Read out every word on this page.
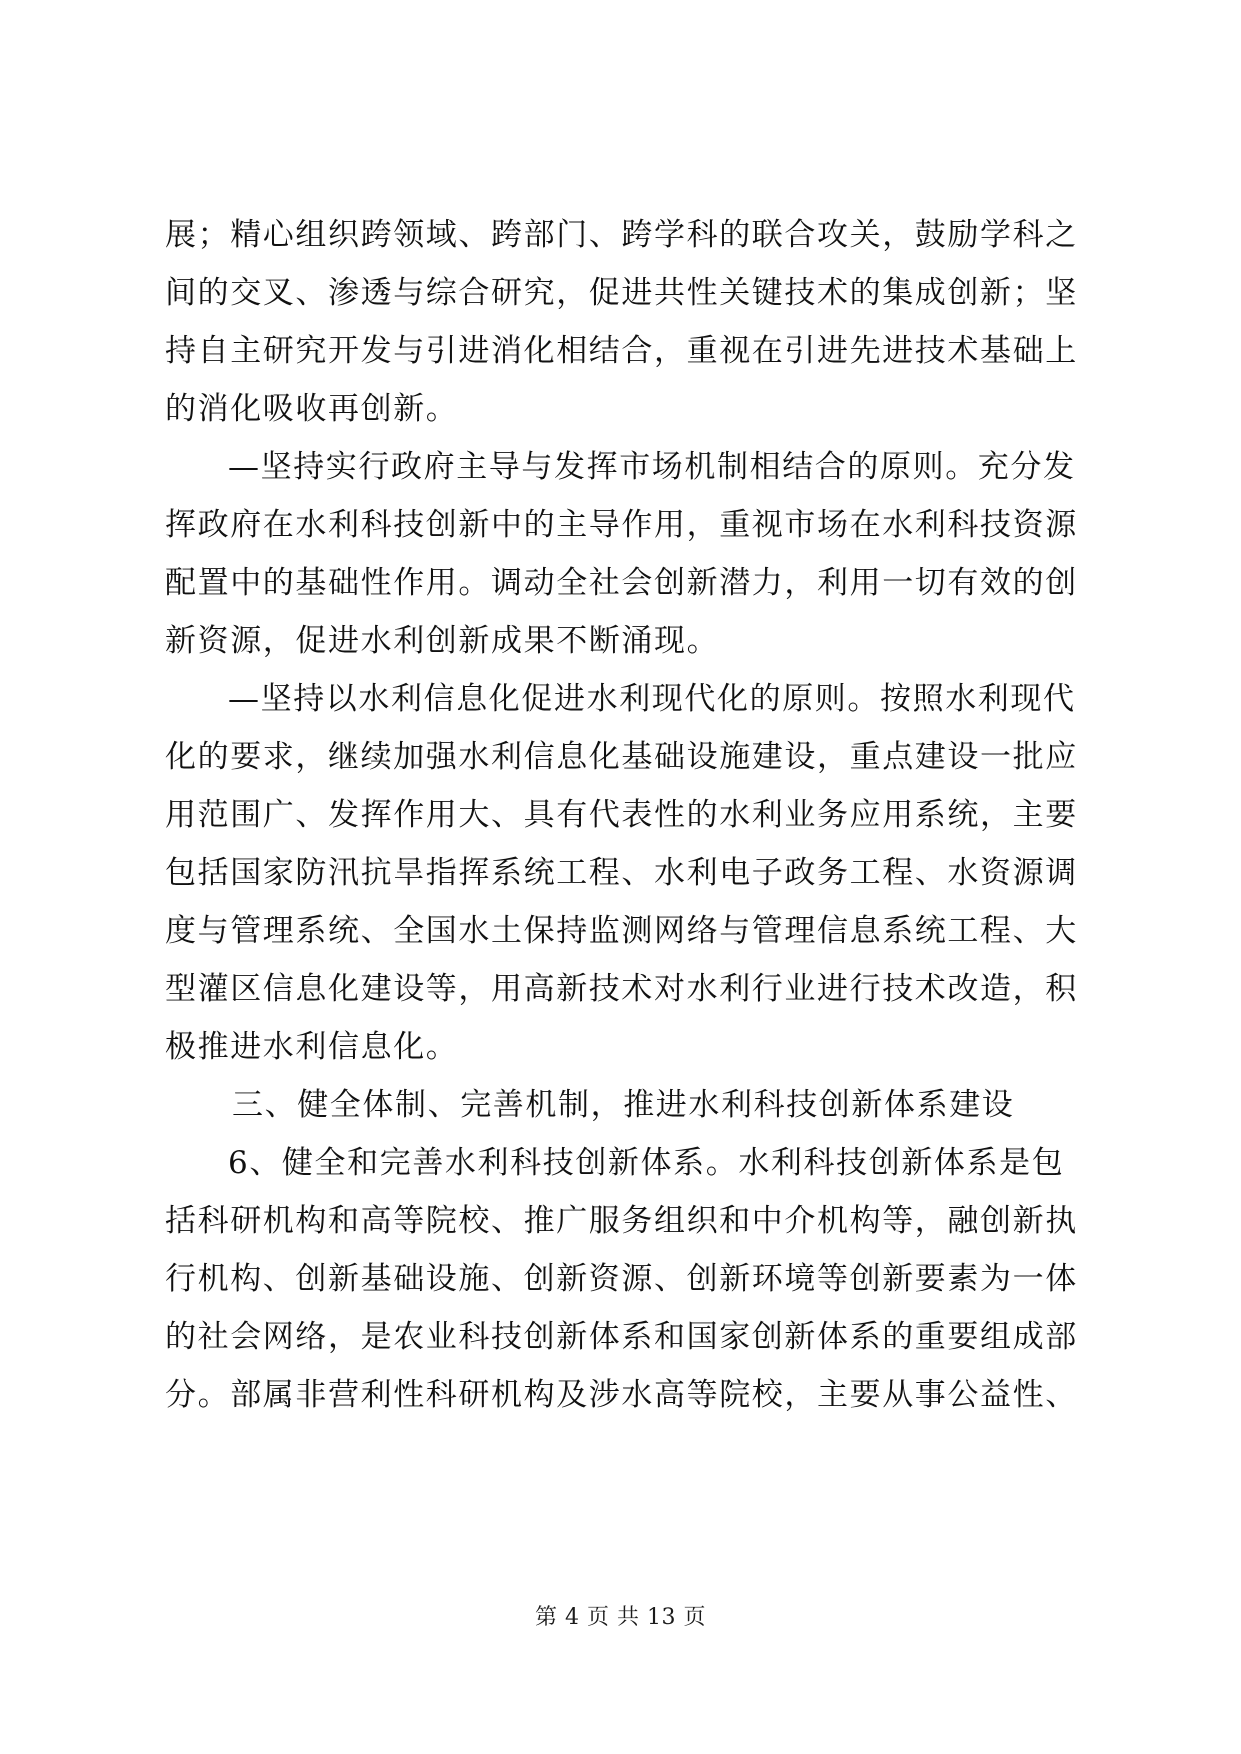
展；精心组织跨领域、跨部门、跨学科的联合攻关，鼓励学科之
间的交叉、渗透与综合研究，促进共性关键技术的集成创新；坚
持自主研究开发与引进消化相结合，重视在引进先进技术基础上
的消化吸收再创新。
—坚持实行政府主导与发挥市场机制相结合的原则。充分发
挥政府在水利科技创新中的主导作用，重视市场在水利科技资源
配置中的基础性作用。调动全社会创新潜力，利用一切有效的创
新资源，促进水利创新成果不断涌现。
—坚持以水利信息化促进水利现代化的原则。按照水利现代
化的要求，继续加强水利信息化基础设施建设，重点建设一批应
用范围广、发挥作用大、具有代表性的水利业务应用系统，主要
包括国家防汛抗旱指挥系统工程、水利电子政务工程、水资源调
度与管理系统、全国水土保持监测网络与管理信息系统工程、大
型灌区信息化建设等，用高新技术对水利行业进行技术改造，积
极推进水利信息化。
三、健全体制、完善机制，推进水利科技创新体系建设
6、健全和完善水利科技创新体系。水利科技创新体系是包
括科研机构和高等院校、推广服务组织和中介机构等，融创新执
行机构、创新基础设施、创新资源、创新环境等创新要素为一体
的社会网络，是农业科技创新体系和国家创新体系的重要组成部
分。部属非营利性科研机构及涉水高等院校，主要从事公益性、
第 4 页 共 13 页
